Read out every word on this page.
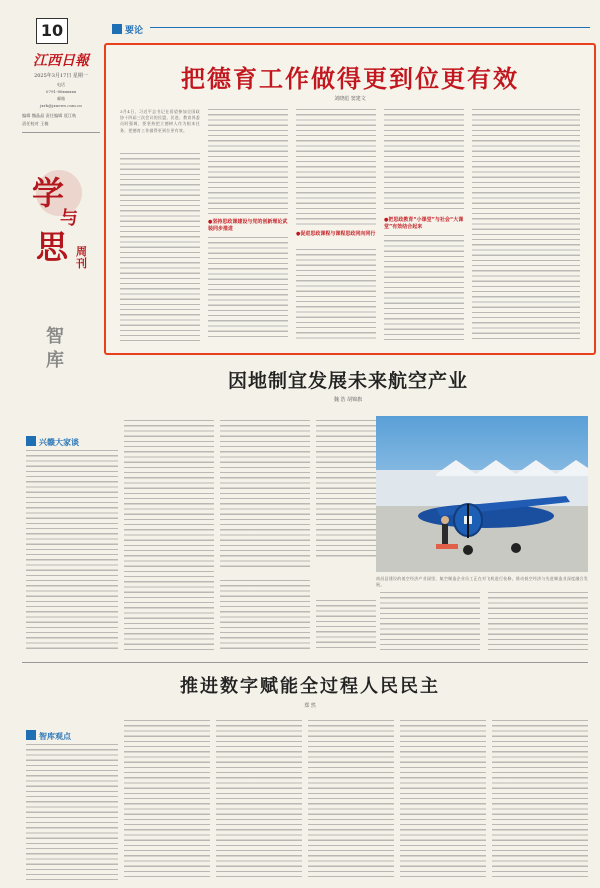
10
江西日報
2025年3月17日 星期一
电话
0791-86xxxxxx
邮箱
jxrb@jxnews.com.cn
编辑 魏晶晶 责任编辑 聂江秋
责任校对 王楠
学
与
思 周刊
智
库
要论
把德育工作做得更到位更有效
刘晓彪 窦建文
3月4日，习近平总书记在看望参加全国政协十四届三次会议的民盟、民进、教育界委员时强调，要坚持把立德树人作为根本任务，把德育工作做得更到位更有效。
●坚持思政课建设与党的创新理论武装同步推进
●促进思政课程与课程思政同向同行
●把思政教育“小课堂”与社会“大课堂”有效结合起来
因地制宜发展未来航空产业
魏 浩 胡锦旗
兴赣大家谈
南昌县建设的低空经济产业园里，航空制造企业员工正在对飞机进行检修，推动低空经济与先进制造业深度融合发展。
推进数字赋能全过程人民民主
郑 然
智库观点
